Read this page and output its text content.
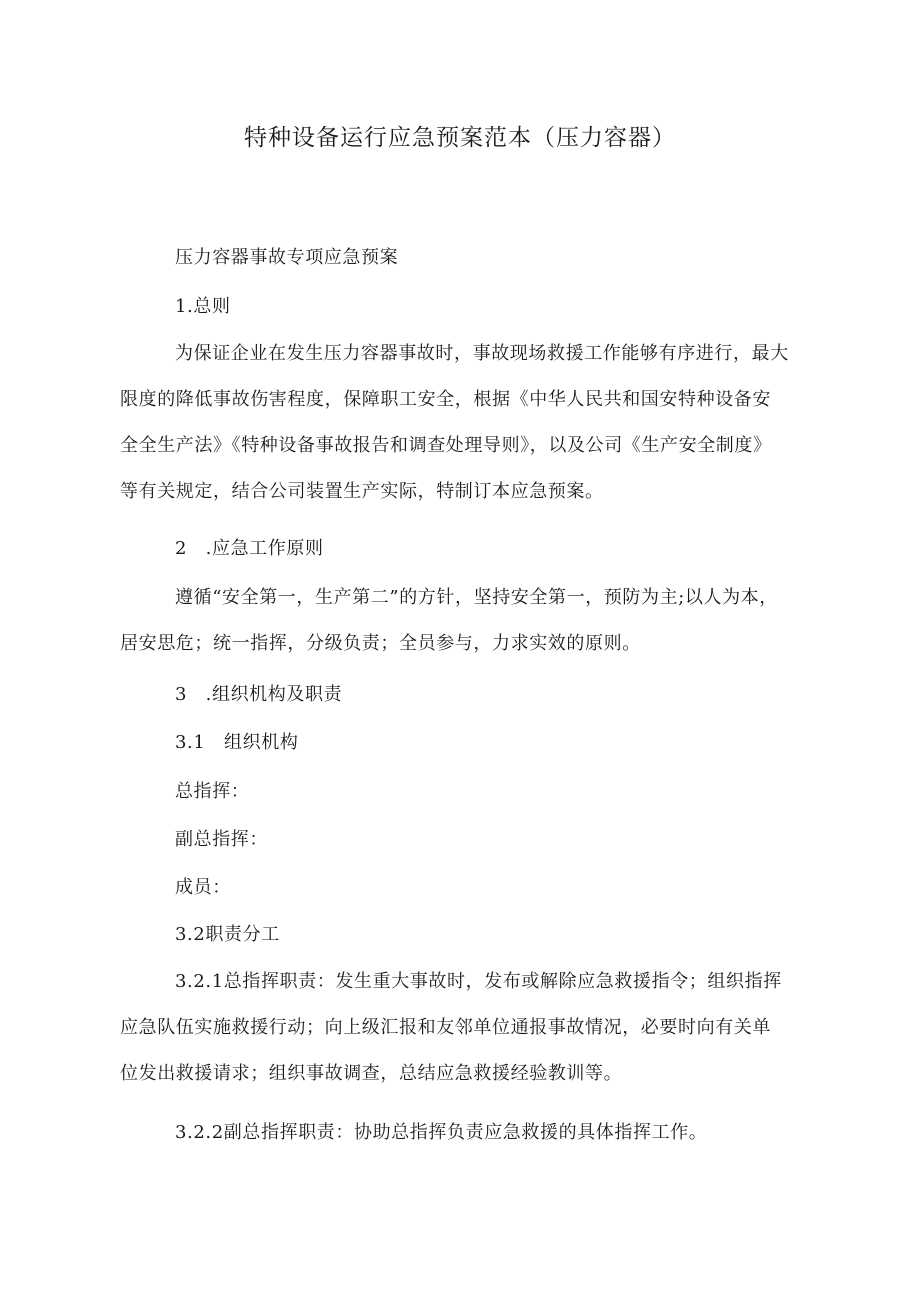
特种设备运行应急预案范本（压力容器）
压力容器事故专项应急预案
1.总则
为保证企业在发生压力容器事故时，事故现场救援工作能够有序进行，最大
限度的降低事故伤害程度，保障职工安全，根据《中华人民共和国安特种设备安
全全生产法》《特种设备事故报告和调查处理导则》，以及公司《生产安全制度》
等有关规定，结合公司装置生产实际，特制订本应急预案。
2　.应急工作原则
遵循“安全第一，生产第二”的方针，坚持安全第一，预防为主;以人为本，
居安思危；统一指挥，分级负责；全员参与，力求实效的原则。
3　.组织机构及职责
3.1　组织机构
总指挥：
副总指挥：
成员：
3.2职责分工
3.2.1总指挥职责：发生重大事故时，发布或解除应急救援指令；组织指挥
应急队伍实施救援行动；向上级汇报和友邻单位通报事故情况，必要时向有关单
位发出救援请求；组织事故调查，总结应急救援经验教训等。
3.2.2副总指挥职责：协助总指挥负责应急救援的具体指挥工作。
